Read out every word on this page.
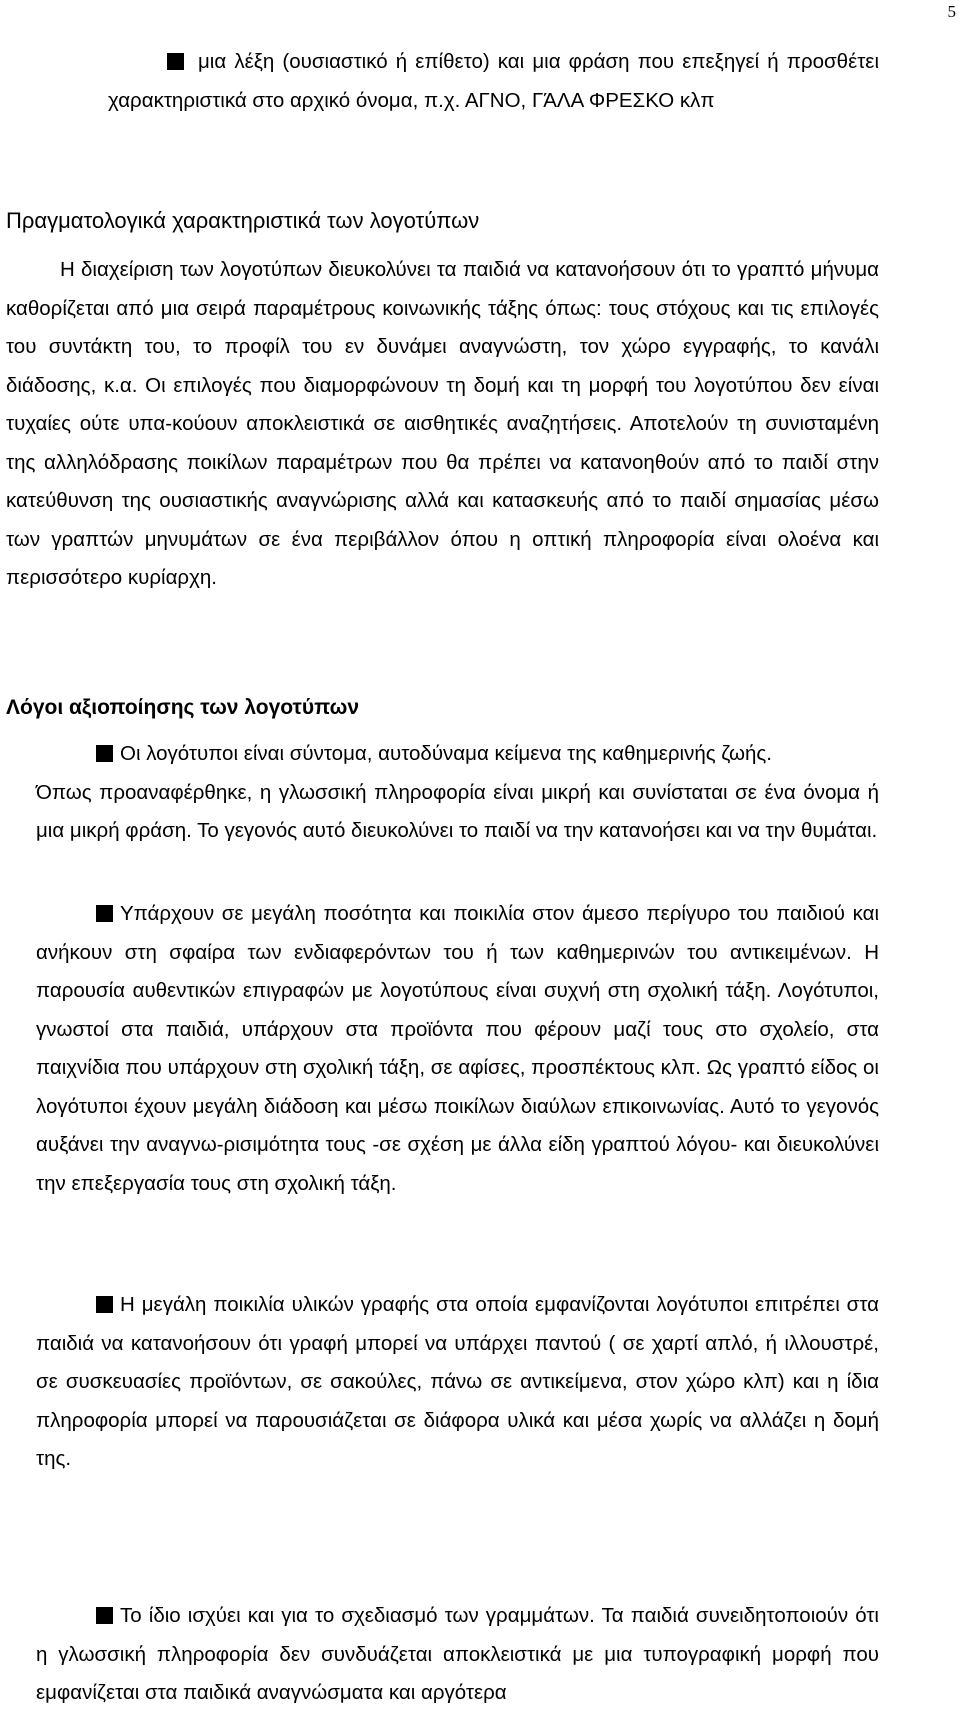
5

μια λέξη (ουσιαστικό ή επίθετο) και μια φράση που επεξηγεί ή προσθέτει χαρακτηριστικά στο αρχικό όνομα, π.χ. ΑΓΝΟ, ΓΆΛΑ ΦΡΕΣΚΟ κλπ

Πραγματολογικά χαρακτηριστικά των λογοτύπων

Η διαχείριση των λογοτύπων διευκολύνει τα παιδιά να κατανοήσουν ότι το γραπτό μήνυμα καθορίζεται από μια σειρά παραμέτρους κοινωνικής τάξης όπως: τους στόχους και τις επιλογές του συντάκτη του, το προφίλ του εν δυνάμει αναγνώστη, τον χώρο εγγραφής, το κανάλι διάδοσης, κ.α. Οι επιλογές που διαμορφώνουν τη δομή και τη μορφή του λογοτύπου δεν είναι τυχαίες ούτε υπα-κούουν αποκλειστικά σε αισθητικές αναζητήσεις. Αποτελούν τη συνισταμένη της αλληλόδρασης ποικίλων παραμέτρων που θα πρέπει να κατανοηθούν από το παιδί στην κατεύθυνση της ουσιαστικής αναγνώρισης αλλά και κατασκευής από το παιδί σημασίας μέσω των γραπτών μηνυμάτων σε ένα περιβάλλον όπου η οπτική πληροφορία είναι ολοένα και περισσότερο κυρίαρχη.

Λόγοι αξιοποίησης των λογοτύπων

Οι λογότυποι είναι σύντομα, αυτοδύναμα κείμενα της καθημερινής ζωής.

Όπως προαναφέρθηκε, η γλωσσική πληροφορία είναι μικρή και συνίσταται σε ένα όνομα ή μια μικρή φράση. Το γεγονός αυτό διευκολύνει το παιδί να την κατανοήσει και να την θυμάται.

Υπάρχουν σε μεγάλη ποσότητα και ποικιλία στον άμεσο περίγυρο του παιδιού και ανήκουν στη σφαίρα των ενδιαφερόντων του ή των καθημερινών του αντικειμένων. Η παρουσία αυθεντικών επιγραφών με λογοτύπους είναι συχνή στη σχολική τάξη. Λογότυποι, γνωστοί στα παιδιά, υπάρχουν στα προϊόντα που φέρουν μαζί τους στο σχολείο, στα παιχνίδια που υπάρχουν στη σχολική τάξη, σε αφίσες, προσπέκτους κλπ. Ως γραπτό είδος οι λογότυποι έχουν μεγάλη διάδοση και μέσω ποικίλων διαύλων επικοινωνίας. Αυτό το γεγονός αυξάνει την αναγνω-ρισιμότητα τους -σε σχέση με άλλα είδη γραπτού λόγου- και διευκολύνει την επεξεργασία τους στη σχολική τάξη.

Η μεγάλη ποικιλία υλικών γραφής στα οποία εμφανίζονται λογότυποι επιτρέπει στα παιδιά να κατανοήσουν ότι γραφή μπορεί να υπάρχει παντού ( σε χαρτί απλό, ή ιλλουστρέ, σε συσκευασίες προϊόντων, σε σακούλες, πάνω σε αντικείμενα, στον χώρο κλπ) και η ίδια πληροφορία μπορεί να παρουσιάζεται σε διάφορα υλικά και μέσα χωρίς να αλλάζει η δομή της.

Το ίδιο ισχύει και για το σχεδιασμό των γραμμάτων. Τα παιδιά συνειδητοποιούν ότι η γλωσσική πληροφορία δεν συνδυάζεται αποκλειστικά με μια τυπογραφική μορφή που εμφανίζεται στα παιδικά αναγνώσματα και αργότερα
